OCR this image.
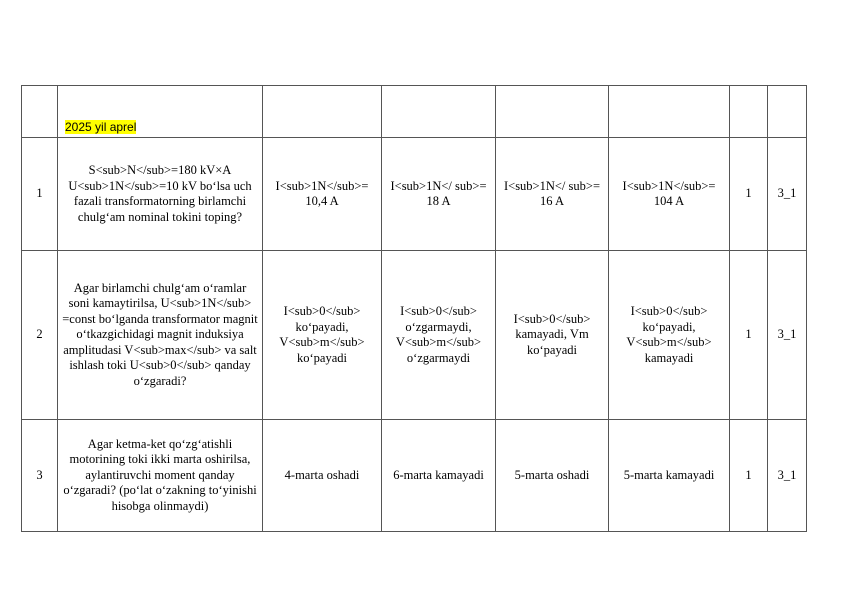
	2025 yil aprel						
1	S<sub>N</sub>=180 kV×A U<sub>1N</sub>=10 kV bo‘lsa uch fazali transformatorning birlamchi chulg‘am nominal tokini toping?	I<sub>1N</sub>= 10,4 A	I<sub>1N</ sub>= 18 A	I<sub>1N</ sub>= 16 A	I<sub>1N</sub>= 104 A	1	3_1
2	Agar birlamchi chulg‘am o‘ramlar soni kamaytirilsa, U<sub>1N</sub> =const bo‘lganda transformator magnit o‘tkazgichidagi magnit induksiya amplitudasi V<sub>max</sub> va salt ishlash toki U<sub>0</sub> qanday o‘zgaradi?	I<sub>0</sub> ko‘payadi, V<sub>m</sub> ko‘payadi	I<sub>0</sub> o‘zgarmaydi, V<sub>m</sub> o‘zgarmaydi	I<sub>0</sub> kamayadi, Vm ko‘payadi	I<sub>0</sub> ko‘payadi, V<sub>m</sub> kamayadi	1	3_1
3	Agar ketma-ket qo‘zg‘atishli motorining toki ikki marta oshirilsa, aylantiruvchi moment qanday o‘zgaradi? (po‘lat o‘zakning to‘yinishi hisobga olinmaydi)	4-marta oshadi	6-marta kamayadi	5-marta oshadi	5-marta kamayadi	1	3_1
